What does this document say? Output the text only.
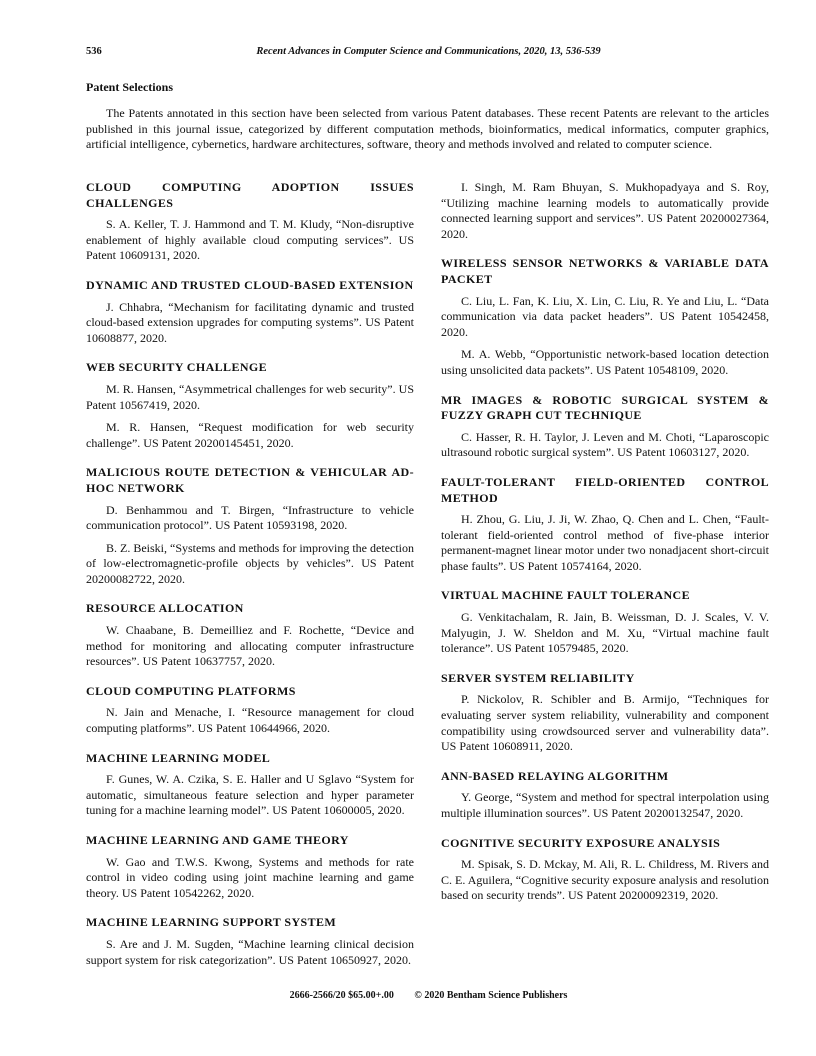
536	Recent Advances in Computer Science and Communications, 2020, 13, 536-539
Patent Selections

The Patents annotated in this section have been selected from various Patent databases. These recent Patents are relevant to the articles published in this journal issue, categorized by different computation methods, bioinformatics, medical informatics, computer graphics, artificial intelligence, cybernetics, hardware architectures, software, theory and methods involved and related to computer science.

CLOUD COMPUTING ADOPTION ISSUES CHALLENGES

S. A. Keller, T. J. Hammond and T. M. Kludy, “Non-disruptive enablement of highly available cloud computing services”. US Patent 10609131, 2020.

DYNAMIC AND TRUSTED CLOUD-BASED EXTENSION

J. Chhabra, “Mechanism for facilitating dynamic and trusted cloud-based extension upgrades for computing systems”. US Patent 10608877, 2020.

WEB SECURITY CHALLENGE

M. R. Hansen, “Asymmetrical challenges for web security”. US Patent 10567419, 2020.

M. R. Hansen, “Request modification for web security challenge”. US Patent 20200145451, 2020.

MALICIOUS ROUTE DETECTION & VEHICULAR AD-HOC NETWORK

D. Benhammou and T. Birgen, “Infrastructure to vehicle communication protocol”. US Patent 10593198, 2020.

B. Z. Beiski, “Systems and methods for improving the detection of low-electromagnetic-profile objects by vehicles”. US Patent 20200082722, 2020.

RESOURCE ALLOCATION

W. Chaabane, B. Demeilliez and F. Rochette, “Device and method for monitoring and allocating computer infrastructure resources”. US Patent 10637757, 2020.

CLOUD COMPUTING PLATFORMS

N. Jain and Menache, I. “Resource management for cloud computing platforms”. US Patent 10644966, 2020.

MACHINE LEARNING MODEL

F. Gunes, W. A. Czika, S. E. Haller and U Sglavo “System for automatic, simultaneous feature selection and hyper parameter tuning for a machine learning model”. US Patent 10600005, 2020.

MACHINE LEARNING AND GAME THEORY

W. Gao and T.W.S. Kwong, Systems and methods for rate control in video coding using joint machine learning and game theory. US Patent 10542262, 2020.

MACHINE LEARNING SUPPORT SYSTEM

S. Are and J. M. Sugden, “Machine learning clinical decision support system for risk categorization”. US Patent 10650927, 2020.

I. Singh, M. Ram Bhuyan, S. Mukhopadyaya and S. Roy, “Utilizing machine learning models to automatically provide connected learning support and services”. US Patent 20200027364, 2020.

WIRELESS SENSOR NETWORKS & VARIABLE DATA PACKET

C. Liu, L. Fan, K. Liu, X. Lin, C. Liu, R. Ye and Liu, L. “Data communication via data packet headers”. US Patent 10542458, 2020.

M. A. Webb, “Opportunistic network-based location detection using unsolicited data packets”. US Patent 10548109, 2020.

MR IMAGES & ROBOTIC SURGICAL SYSTEM & FUZZY GRAPH CUT TECHNIQUE

C. Hasser, R. H. Taylor, J. Leven and M. Choti, “Laparoscopic ultrasound robotic surgical system”. US Patent 10603127, 2020.

FAULT-TOLERANT FIELD-ORIENTED CONTROL METHOD

H. Zhou, G. Liu, J. Ji, W. Zhao, Q. Chen and L. Chen, “Fault-tolerant field-oriented control method of five-phase interior permanent-magnet linear motor under two nonadjacent short-circuit phase faults”. US Patent 10574164, 2020.

VIRTUAL MACHINE FAULT TOLERANCE

G. Venkitachalam, R. Jain, B. Weissman, D. J. Scales, V. V. Malyugin, J. W. Sheldon and M. Xu, “Virtual machine fault tolerance”. US Patent 10579485, 2020.

SERVER SYSTEM RELIABILITY

P. Nickolov, R. Schibler and B. Armijo, “Techniques for evaluating server system reliability, vulnerability and component compatibility using crowdsourced server and vulnerability data”. US Patent 10608911, 2020.

ANN-BASED RELAYING ALGORITHM

Y. George, “System and method for spectral interpolation using multiple illumination sources”. US Patent 20200132547, 2020.

COGNITIVE SECURITY EXPOSURE ANALYSIS

M. Spisak, S. D. Mckay, M. Ali, R. L. Childress, M. Rivers and C. E. Aguilera, “Cognitive security exposure analysis and resolution based on security trends”. US Patent 20200092319, 2020.

2666-2566/20 $65.00+.00 © 2020 Bentham Science Publishers
